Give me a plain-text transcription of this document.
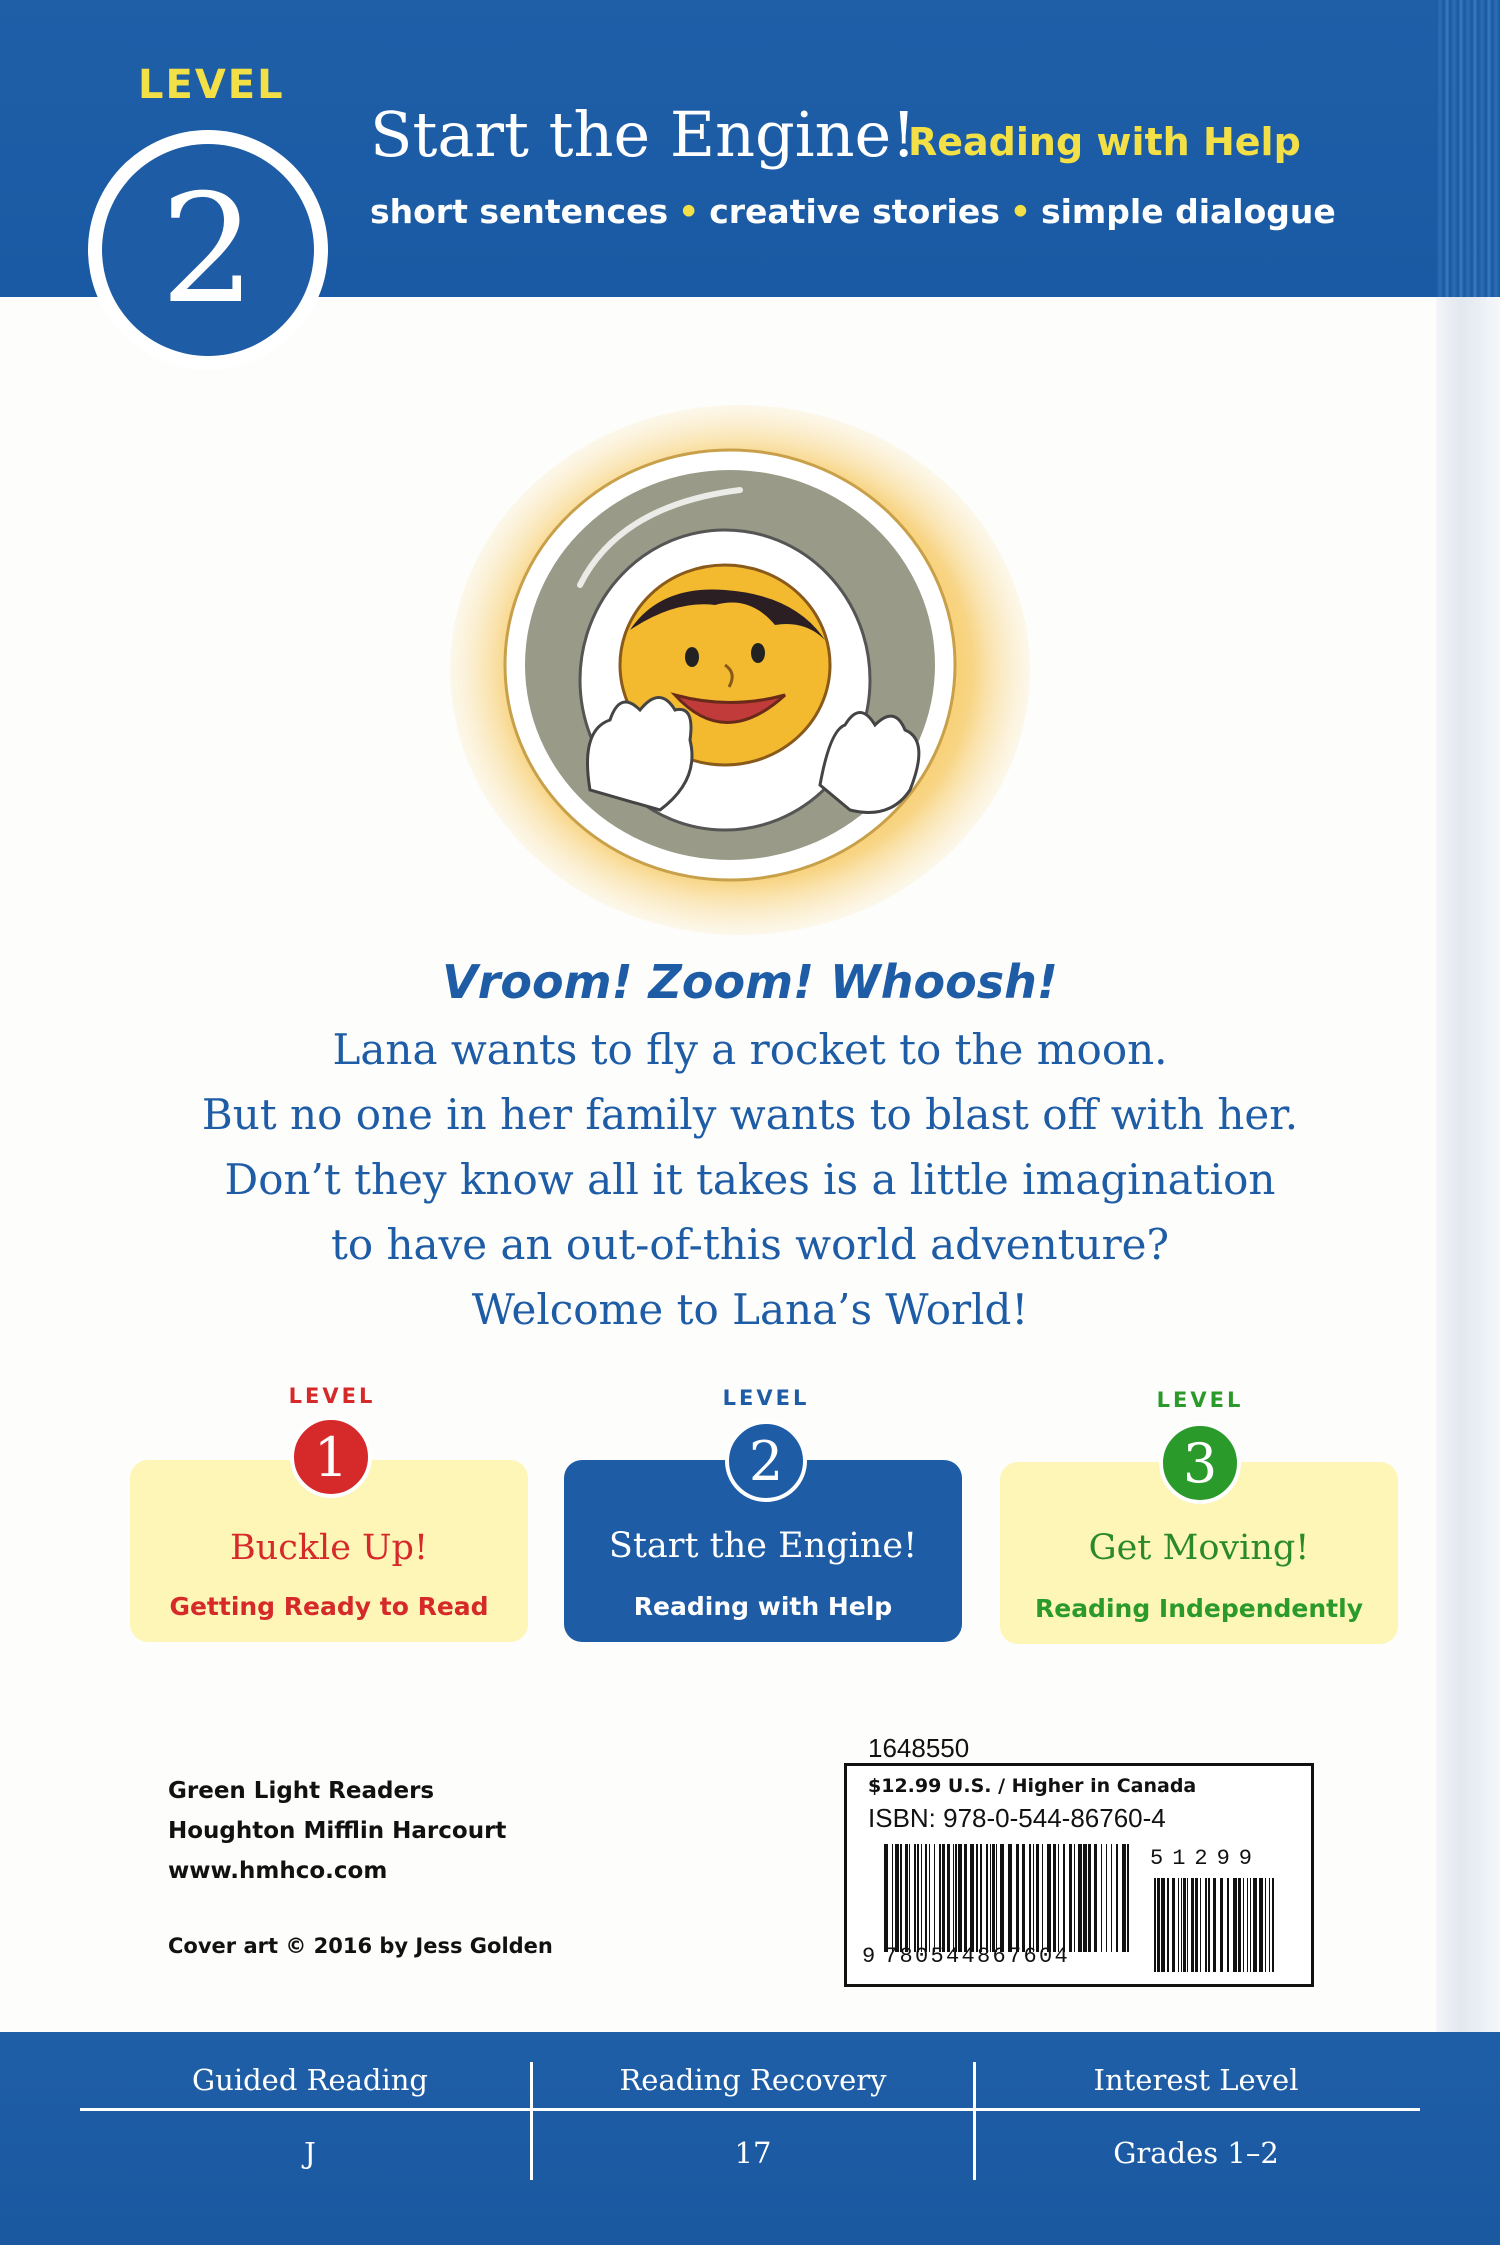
LEVEL
2
Start the Engine!
Reading with Help
short sentences • creative stories • simple dialogue
Vroom! Zoom! Whoosh!
Lana wants to fly a rocket to the moon.
But no one in her family wants to blast off with her.
Don’t they know all it takes is a little imagination
to have an out-of-this world adventure?
Welcome to Lana’s World!
LEVEL
1
Buckle Up!
Getting Ready to Read
LEVEL
2
Start the Engine!
Reading with Help
LEVEL
3
Get Moving!
Reading Independently
Green Light Readers
Houghton Mifflin Harcourt
www.hmhco.com
Cover art © 2016 by Jess Golden
1648550
$12.99 U.S. / Higher in Canada
ISBN: 978-0-544-86760-4
9 780544867604
51299
Guided Reading
J
Reading Recovery
17
Interest Level
Grades 1–2
